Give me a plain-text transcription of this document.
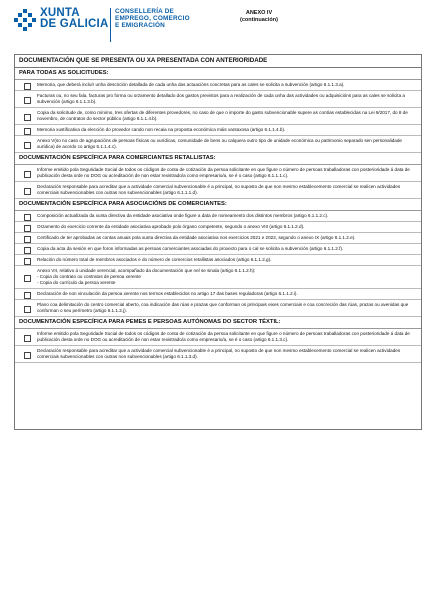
XUNTA
DE GALICIA
CONSELLERÍA DE
EMPREGO, COMERCIO
E EMIGRACIÓN
ANEXO IV
(continuación)
DOCUMENTACIÓN QUE SE PRESENTA OU XA PRESENTADA CON ANTERIORIDADE
PARA TODAS AS SOLICITUDES:
Memoria, que deberá incluír unha descrición detallada de cada unha das actuacións concretas para as cales se solicita a subvención (artigo 6.1.1.3.a).
Facturas ou, no seu fala, facturas pro forma ou orzamento detallado dos gastos previstos para a realización de cada unha das actividades ou adquisicións para as cales se solicita a subvención (artigo 6.1.1.3.b).
Copia da solicitude de, como mínimo, tres ofertas de diferentes provedores, no caso de que o importe do gasto subvencionable supere as contías establecidas na Lei 9/2017, do 8 de novembro, de contratos do sector público (artigo 6.1.1.4.b).
Memoria xustificativa da elección do provedor cando non recaia na proposta económica máis vantaxosa (artigo 6.1.1.4.b).
Anexo V(so no caso de agrupacións de persoas físicas ou xurídicas, comunidade de bens ou calquera outro tipo de unidade económica ou patrimonio separado sen personalidade xurídica) de acordo co artigo 6.1.1.4.c).
DOCUMENTACIÓN ESPECÍFICA PARA COMERCIANTES RETALLISTAS:
Informe emitido pola Seguridade Social de todos os códigos de conta de cotización da persoa solicitante en que figure o número de persoas traballadoras con posterioridade á data de publicación desta orde no DOG ou acreditación de non estar rexistrado/a como empresario/a, se é o caso (artigo 6.1.1.1.c).
Declaración responsable para acreditar que a actividade comercial subvencionable é a principal, no suposto de que non mesmo establecemento comercial se realicen actividades comerciais subvencionables con outras non subvencionables (artigo 6.1.1.1.d).
DOCUMENTACIÓN ESPECÍFICA PARA ASOCIACIÓNS DE COMERCIANTES:
Composición actualizada da xunta directiva da entidade asociativa onde figure a data de nomeamento dos distintos membros (artigo 6.1.1.2.c).
Orzamento do exercicio corrente da entidade asociativa aprobado polo órgano competente, segundo o anexo VIII (artigo 6.1.1.2.d).
Certificado de ter aprobadas as contas anuais pola xunta directiva da entidade asociativa nos exercicios 2021 e 2022, segundo o anexo IX (artigo 6.1.1.2.e).
Copia da acta da sesión en que foron informadas as persoas comerciantes asociadas do proxecto para o cal se solicita a subvención (artigo 6.1.1.2.f).
Relación do número total de membros asociados e do número de comercios retallistas asociados (artigo 6.1.1.2.g).
Anexo VII, relativo á unidade xerencial, acompañado da documentación que nel se sinala (artigo 6.1.1.2.h):
- Copia do contrato ou contratos de persoa xerente
- Copia do currículo da persoa xerente
Declaración de non vinculación da persoa xerente nos termos establecidos no artigo 17 das bases reguladoras (artigo 6.1.1.2.i).
Plano coa delimitación do centro comercial aberto, coa indicación das rúas e prazas que conforman os principais eixes comerciais e coa concreción das rúas, prazas ou avenidas que conforman o seu perímetro (artigo 6.1.1.2.j).
DOCUMENTACIÓN ESPECÍFICA PARA PEMES E PERSOAS AUTÓNOMAS DO SECTOR TÉXTIL:
Informe emitido pola Seguridade Social de todos os códigos de conta de cotización da persoa solicitante en que figure o número de persoas traballadoras con posterioridade á data de publicación desta orde no DOG ou acreditación de non estar rexistrado/a como empresario/a, se é o caso (artigo 6.1.1.3.c).
Declaración responsable para acreditar que a actividade comercial subvencionable é a principal, no suposto de que non mesmo establecemento comercial se realicen actividades comerciais subvencionables con outras non subvencionables (artigo 6.1.1.3.d).
